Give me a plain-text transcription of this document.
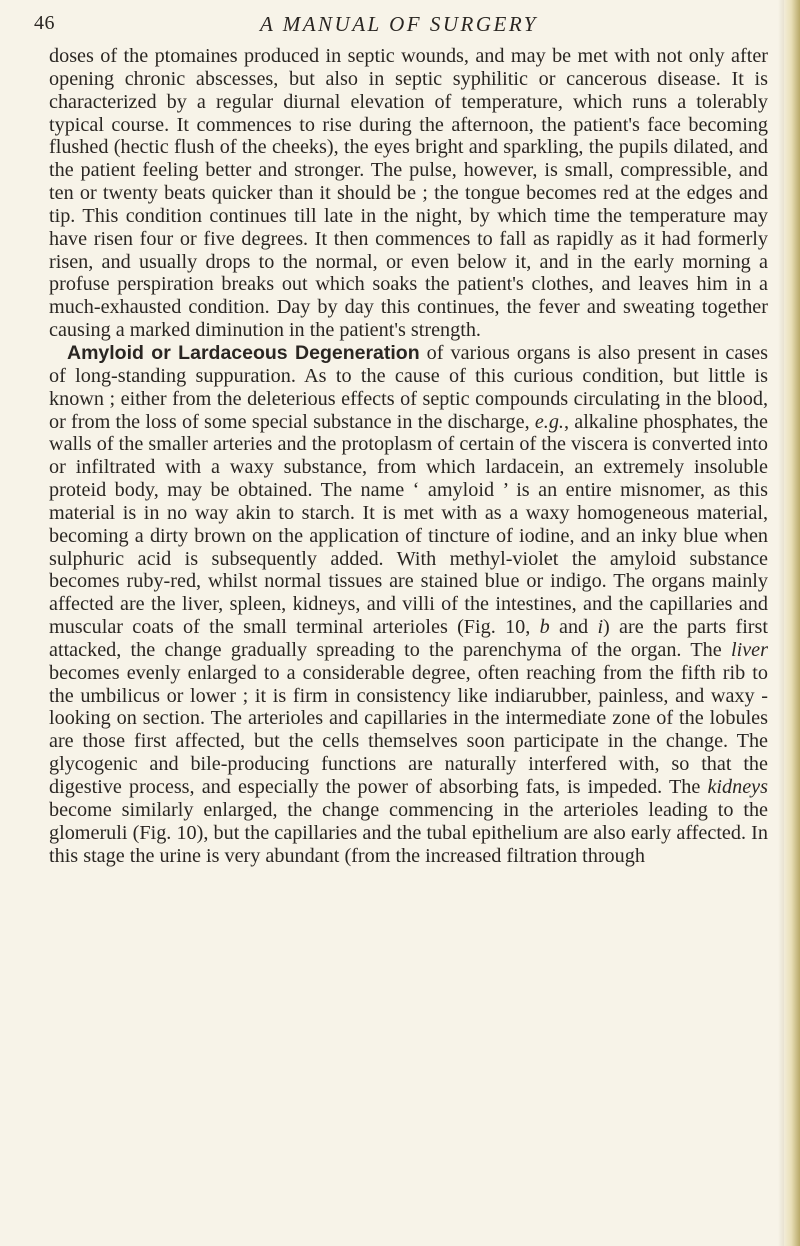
46	A MANUAL OF SURGERY

doses of the ptomaines produced in septic wounds, and may be met with not only after opening chronic abscesses, but also in septic syphilitic or cancerous disease. It is characterized by a regular diurnal elevation of temperature, which runs a tolerably typical course. It commences to rise during the afternoon, the patient's face becoming flushed (hectic flush of the cheeks), the eyes bright and sparkling, the pupils dilated, and the patient feeling better and stronger. The pulse, however, is small, compressible, and ten or twenty beats quicker than it should be ; the tongue becomes red at the edges and tip. This condition continues till late in the night, by which time the temperature may have risen four or five degrees. It then commences to fall as rapidly as it had formerly risen, and usually drops to the normal, or even below it, and in the early morning a profuse perspiration breaks out which soaks the patient's clothes, and leaves him in a much-exhausted condition. Day by day this continues, the fever and sweating together causing a marked diminution in the patient's strength.

Amyloid or Lardaceous Degeneration of various organs is also present in cases of long-standing suppuration. As to the cause of this curious condition, but little is known ; either from the deleterious effects of septic compounds circulating in the blood, or from the loss of some special substance in the discharge, e.g., alkaline phosphates, the walls of the smaller arteries and the protoplasm of certain of the viscera is converted into or infiltrated with a waxy substance, from which lardacein, an extremely insoluble proteid body, may be obtained. The name ‘ amyloid ’ is an entire misnomer, as this material is in no way akin to starch. It is met with as a waxy homogeneous material, becoming a dirty brown on the application of tincture of iodine, and an inky blue when sulphuric acid is subsequently added. With methyl-violet the amyloid substance becomes ruby-red, whilst normal tissues are stained blue or indigo. The organs mainly affected are the liver, spleen, kidneys, and villi of the intestines, and the capillaries and muscular coats of the small terminal arterioles (Fig. 10, b and i) are the parts first attacked, the change gradually spreading to the parenchyma of the organ. The liver becomes evenly enlarged to a considerable degree, often reaching from the fifth rib to the umbilicus or lower ; it is firm in consistency like indiarubber, painless, and waxy - looking on section. The arterioles and capillaries in the intermediate zone of the lobules are those first affected, but the cells themselves soon participate in the change. The glycogenic and bile-producing functions are naturally interfered with, so that the digestive process, and especially the power of absorbing fats, is impeded. The kidneys become similarly enlarged, the change commencing in the arterioles leading to the glomeruli (Fig. 10), but the capillaries and the tubal epithelium are also early affected. In this stage the urine is very abundant (from the increased filtration through
